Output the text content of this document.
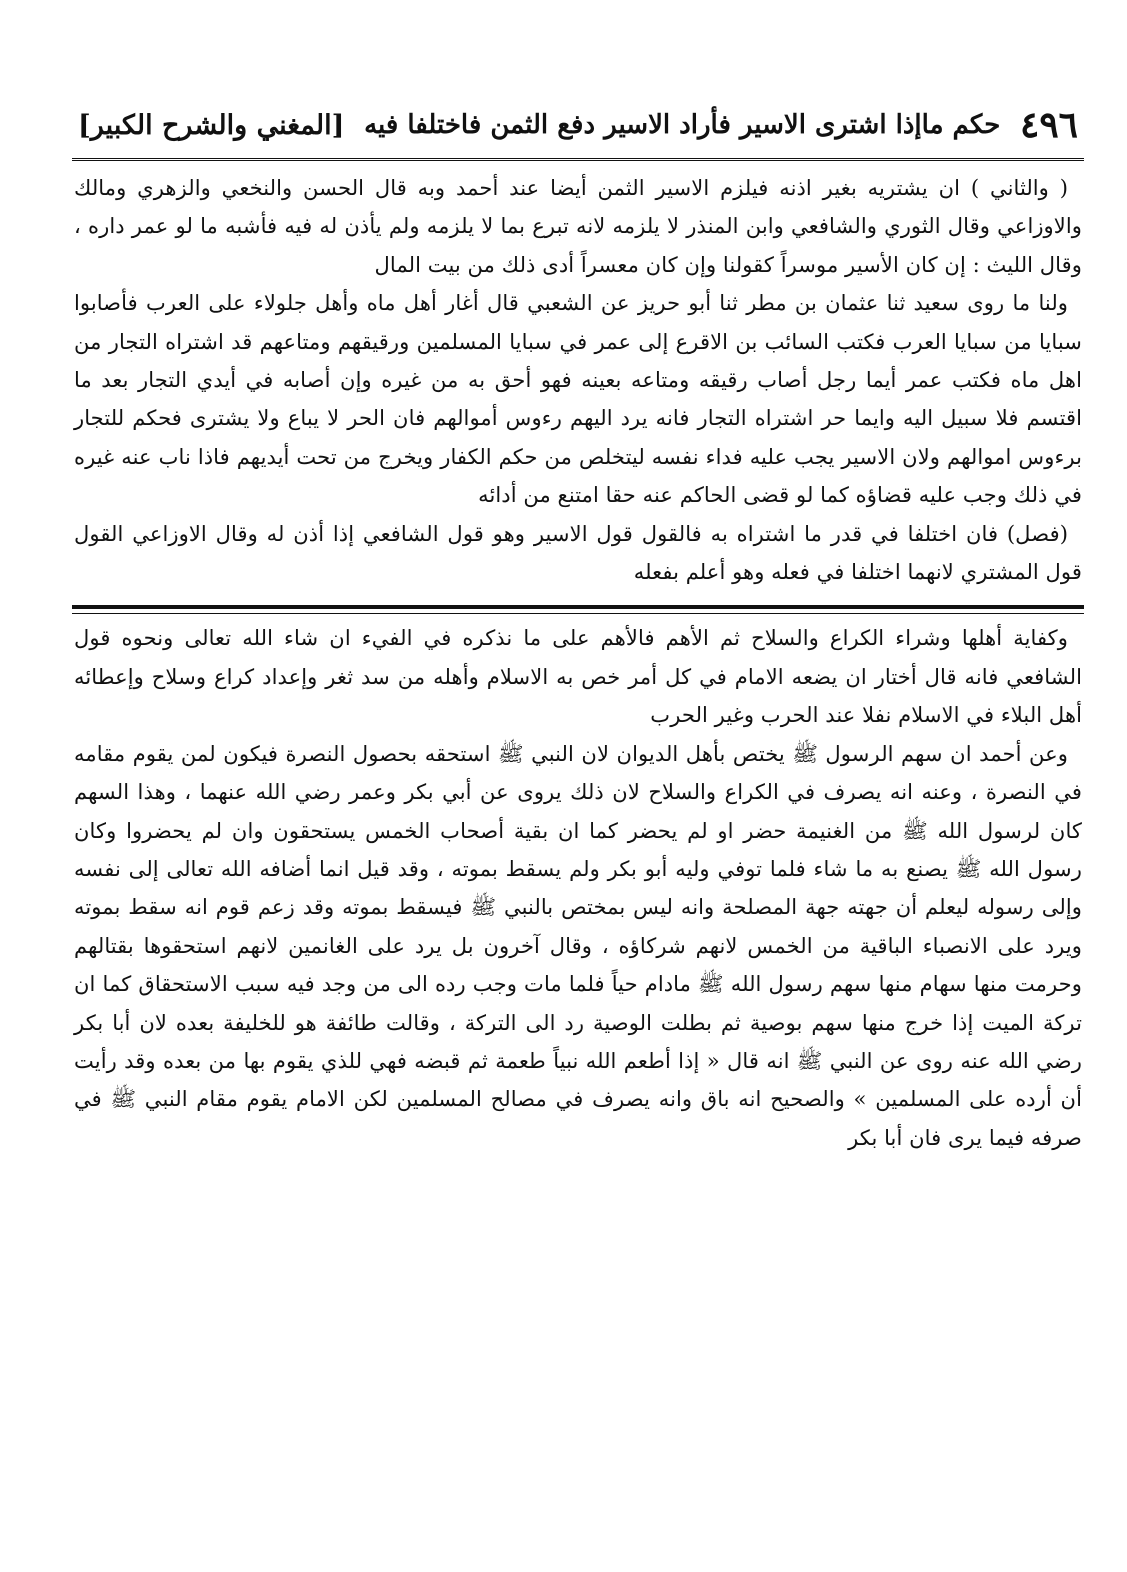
٤٩٦
حكم ماإذا اشترى الاسير فأراد الاسير دفع الثمن فاختلفا فيه
[المغني والشرح الكبير]

( والثاني ) ان يشتريه بغير اذنه فيلزم الاسير الثمن أيضا عند أحمد وبه قال الحسن والنخعي والزهري ومالك والاوزاعي وقال الثوري والشافعي وابن المنذر لا يلزمه لانه تبرع بما لا يلزمه ولم يأذن له فيه فأشبه ما لو عمر داره ، وقال الليث : إن كان الأسير موسراً كقولنا وإن كان معسراً أدى ذلك من بيت المال

ولنا ما روى سعيد ثنا عثمان بن مطر ثنا أبو حريز عن الشعبي قال أغار أهل ماه وأهل جلولاء على العرب فأصابوا سبايا من سبايا العرب فكتب السائب بن الاقرع إلى عمر في سبايا المسلمين ورقيقهم ومتاعهم قد اشتراه التجار من اهل ماه فكتب عمر أيما رجل أصاب رقيقه ومتاعه بعينه فهو أحق به من غيره وإن أصابه في أيدي التجار بعد ما اقتسم فلا سبيل اليه وايما حر اشتراه التجار فانه يرد اليهم رءوس أموالهم فان الحر لا يباع ولا يشترى فحكم للتجار برءوس اموالهم ولان الاسير يجب عليه فداء نفسه ليتخلص من حكم الكفار ويخرج من تحت أيديهم فاذا ناب عنه غيره في ذلك وجب عليه قضاؤه كما لو قضى الحاكم عنه حقا امتنع من أدائه

(فصل) فان اختلفا في قدر ما اشتراه به فالقول قول الاسير وهو قول الشافعي إذا أذن له وقال الاوزاعي القول قول المشتري لانهما اختلفا في فعله وهو أعلم بفعله

وكفاية أهلها وشراء الكراع والسلاح ثم الأهم فالأهم على ما نذكره في الفيء ان شاء الله تعالى ونحوه قول الشافعي فانه قال أختار ان يضعه الامام في كل أمر خص به الاسلام وأهله من سد ثغر وإعداد كراع وسلاح وإعطائه أهل البلاء في الاسلام نفلا عند الحرب وغير الحرب

وعن أحمد ان سهم الرسول ﷺ يختص بأهل الديوان لان النبي ﷺ استحقه بحصول النصرة فيكون لمن يقوم مقامه في النصرة ، وعنه انه يصرف في الكراع والسلاح لان ذلك يروى عن أبي بكر وعمر رضي الله عنهما ، وهذا السهم كان لرسول الله ﷺ من الغنيمة حضر او لم يحضر كما ان بقية أصحاب الخمس يستحقون وان لم يحضروا وكان رسول الله ﷺ يصنع به ما شاء فلما توفي وليه أبو بكر ولم يسقط بموته ، وقد قيل انما أضافه الله تعالى إلى نفسه وإلى رسوله ليعلم أن جهته جهة المصلحة وانه ليس بمختص بالنبي ﷺ فيسقط بموته وقد زعم قوم انه سقط بموته ويرد على الانصباء الباقية من الخمس لانهم شركاؤه ، وقال آخرون بل يرد على الغانمين لانهم استحقوها بقتالهم وحرمت منها سهام منها سهم رسول الله ﷺ مادام حياً فلما مات وجب رده الى من وجد فيه سبب الاستحقاق كما ان تركة الميت إذا خرج منها سهم بوصية ثم بطلت الوصية رد الى التركة ، وقالت طائفة هو للخليفة بعده لان أبا بكر رضي الله عنه روى عن النبي ﷺ انه قال « إذا أطعم الله نبياً طعمة ثم قبضه فهي للذي يقوم بها من بعده وقد رأيت أن أرده على المسلمين » والصحيح انه باق وانه يصرف في مصالح المسلمين لكن الامام يقوم مقام النبي ﷺ في صرفه فيما يرى فان أبا بكر
